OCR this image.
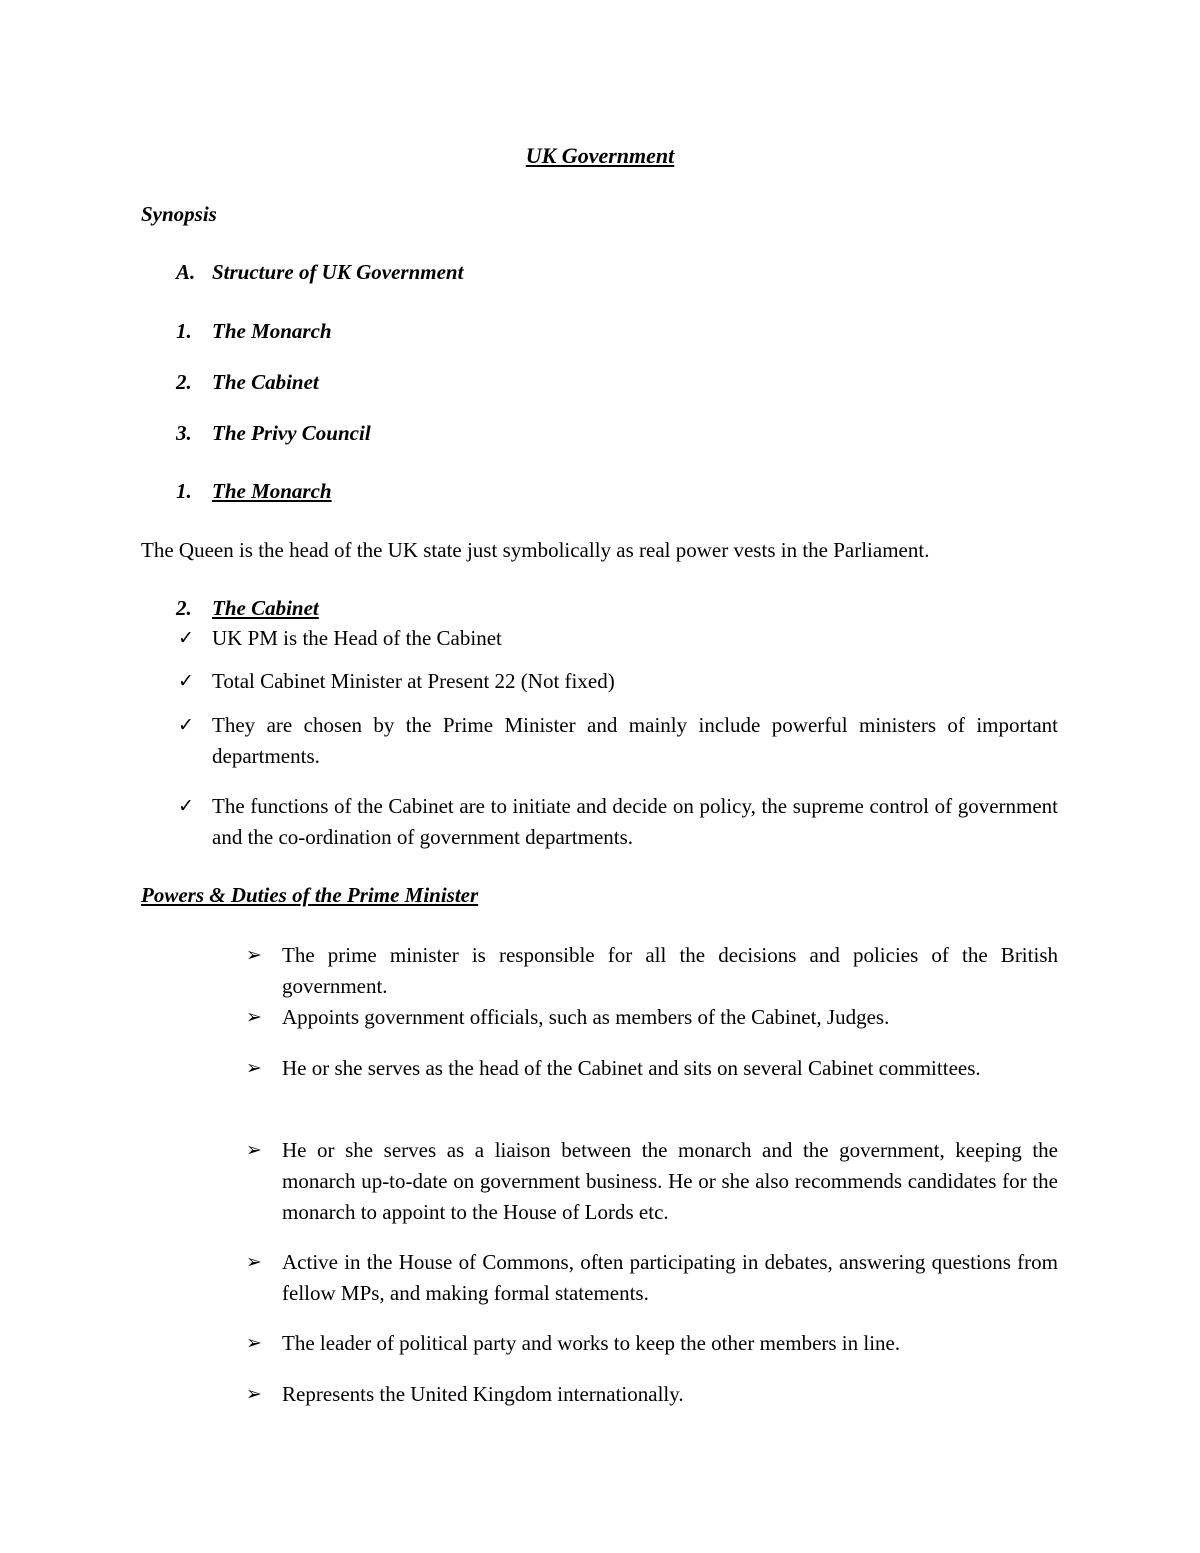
UK Government
Synopsis
A. Structure of UK Government
1. The Monarch
2. The Cabinet
3. The Privy Council
1. The Monarch
The Queen is the head of the UK state just symbolically as real power vests in the Parliament.
2. The Cabinet
✓ UK PM is the Head of the Cabinet
✓ Total Cabinet Minister at Present 22 (Not fixed)
✓ They are chosen by the Prime Minister and mainly include powerful ministers of important departments.
✓ The functions of the Cabinet are to initiate and decide on policy, the supreme control of government and the co-ordination of government departments.
Powers & Duties of the Prime Minister
➢ The prime minister is responsible for all the decisions and policies of the British government.
➢ Appoints government officials, such as members of the Cabinet, Judges.
➢ He or she serves as the head of the Cabinet and sits on several Cabinet committees.
➢ He or she serves as a liaison between the monarch and the government, keeping the monarch up-to-date on government business. He or she also recommends candidates for the monarch to appoint to the House of Lords etc.
➢ Active in the House of Commons, often participating in debates, answering questions from fellow MPs, and making formal statements.
➢ The leader of political party and works to keep the other members in line.
➢ Represents the United Kingdom internationally.
